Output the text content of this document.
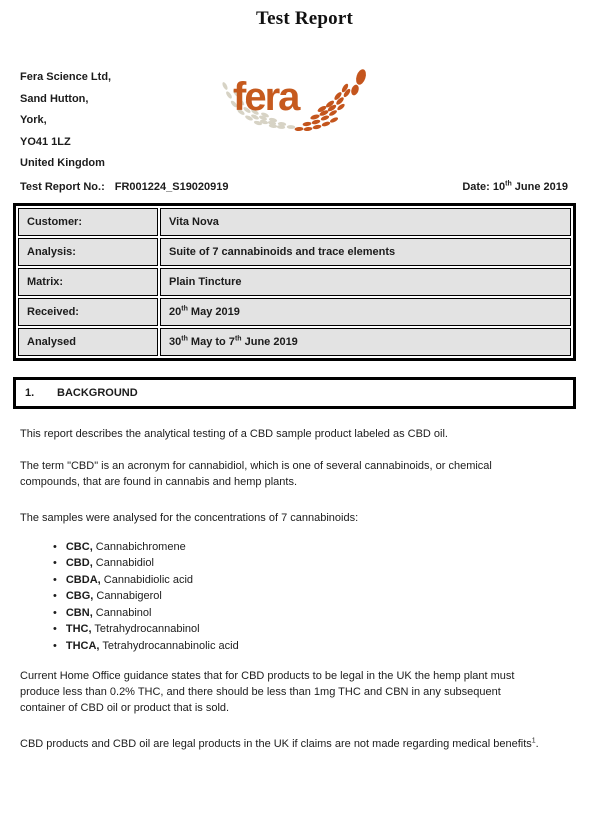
Test Report
Fera Science Ltd,
Sand Hutton,
York,
YO41 1LZ
United Kingdom
fera
Test Report No.: FR001224_S19020919	Date: 10th June 2019
Customer:	Vita Nova
Analysis:	Suite of 7 cannabinoids and trace elements
Matrix:	Plain Tincture
Received:	20th May 2019
Analysed	30th May to 7th June 2019
1. BACKGROUND

This report describes the analytical testing of a CBD sample product labeled as CBD oil.

The term "CBD" is an acronym for cannabidiol, which is one of several cannabinoids, or chemical
compounds, that are found in cannabis and hemp plants.

The samples were analysed for the concentrations of 7 cannabinoids:

• CBC, Cannabichromene
• CBD, Cannabidiol
• CBDA, Cannabidiolic acid
• CBG, Cannabigerol
• CBN, Cannabinol
• THC, Tetrahydrocannabinol
• THCA, Tetrahydrocannabinolic acid

Current Home Office guidance states that for CBD products to be legal in the UK the hemp plant must
produce less than 0.2% THC, and there should be less than 1mg THC and CBN in any subsequent
container of CBD oil or product that is sold.

CBD products and CBD oil are legal products in the UK if claims are not made regarding medical benefits$^1$.
